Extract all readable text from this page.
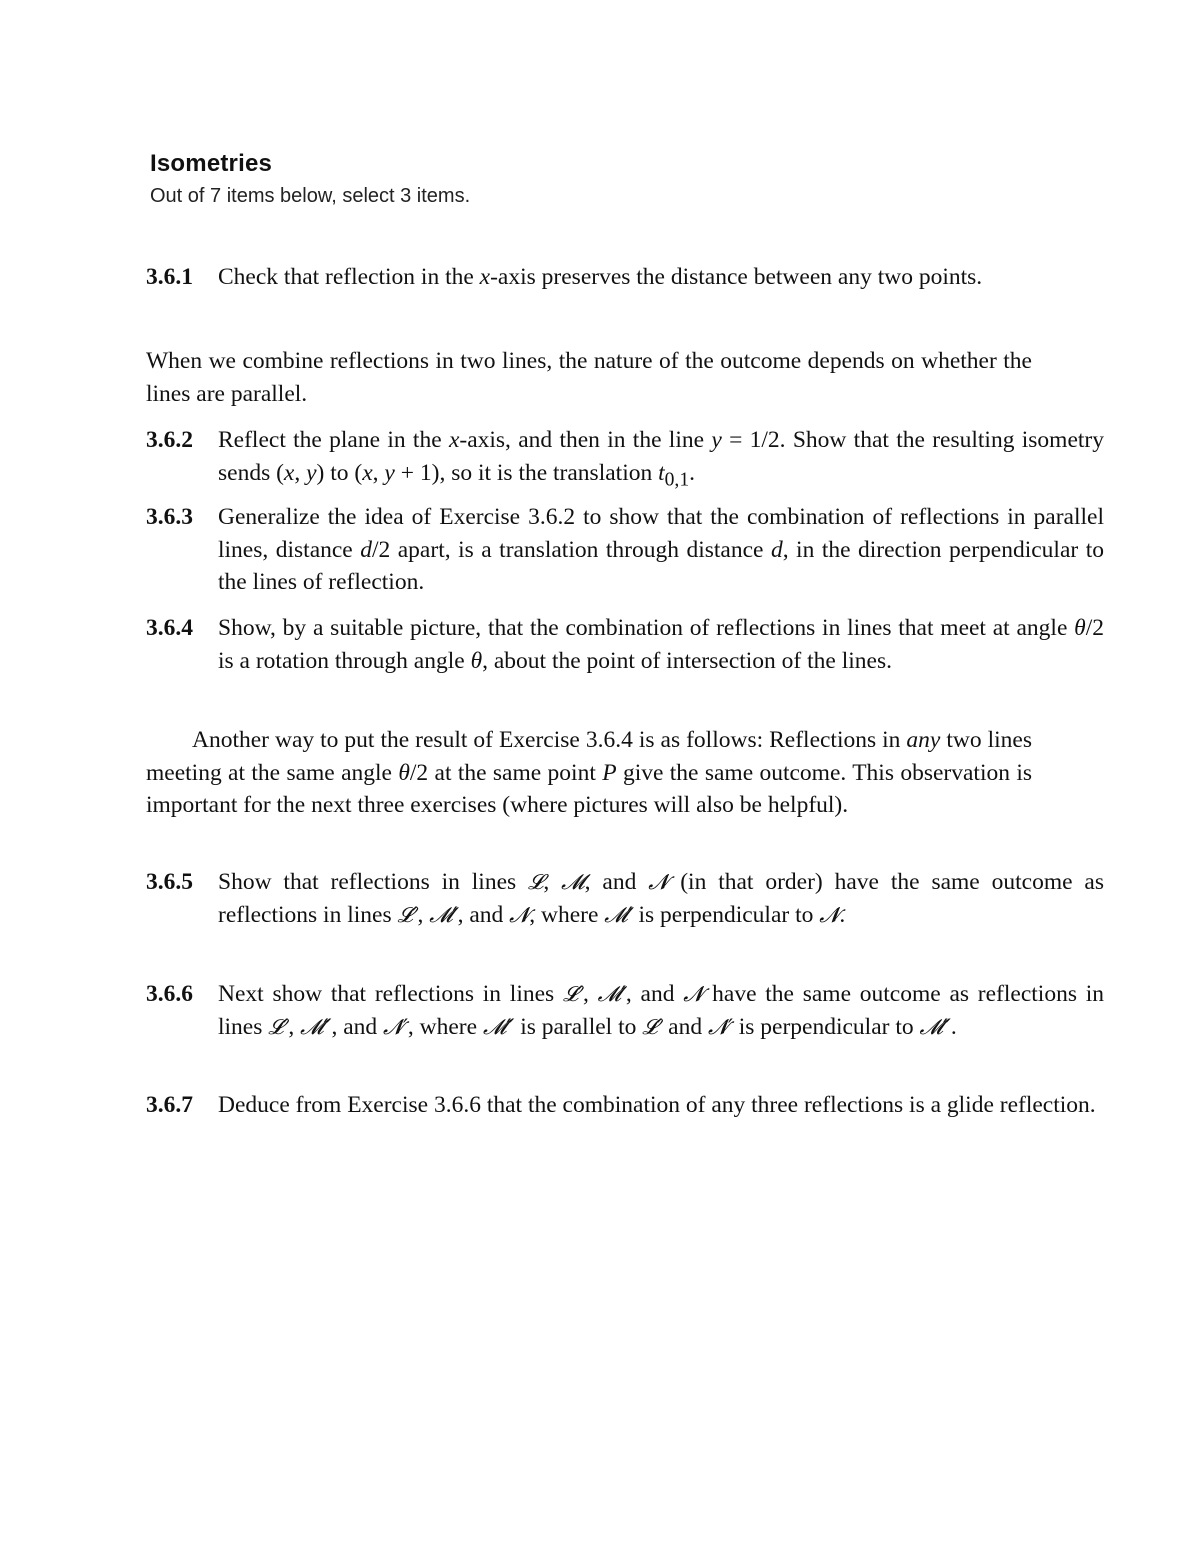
Isometries
Out of 7 items below, select 3 items.
3.6.1 Check that reflection in the x-axis preserves the distance between any two points.
When we combine reflections in two lines, the nature of the outcome depends on whether the lines are parallel.
3.6.2 Reflect the plane in the x-axis, and then in the line y = 1/2. Show that the resulting isometry sends (x, y) to (x, y + 1), so it is the translation $t_{0,1}$.
3.6.3 Generalize the idea of Exercise 3.6.2 to show that the combination of reflections in parallel lines, distance d/2 apart, is a translation through distance d, in the direction perpendicular to the lines of reflection.
3.6.4 Show, by a suitable picture, that the combination of reflections in lines that meet at angle θ/2 is a rotation through angle θ, about the point of intersection of the lines.
Another way to put the result of Exercise 3.6.4 is as follows: Reflections in any two lines meeting at the same angle θ/2 at the same point P give the same outcome. This observation is important for the next three exercises (where pictures will also be helpful).
3.6.5 Show that reflections in lines 𝓛, 𝓜, and 𝓝 (in that order) have the same outcome as reflections in lines 𝓛′, 𝓜′, and 𝓝, where 𝓜′ is perpendicular to 𝓝.
3.6.6 Next show that reflections in lines 𝓛′, 𝓜′, and 𝓝 have the same outcome as reflections in lines 𝓛′, 𝓜″, and 𝓝′, where 𝓜″ is parallel to 𝓛′ and 𝓝′ is perpendicular to 𝓜″.
3.6.7 Deduce from Exercise 3.6.6 that the combination of any three reflections is a glide reflection.
